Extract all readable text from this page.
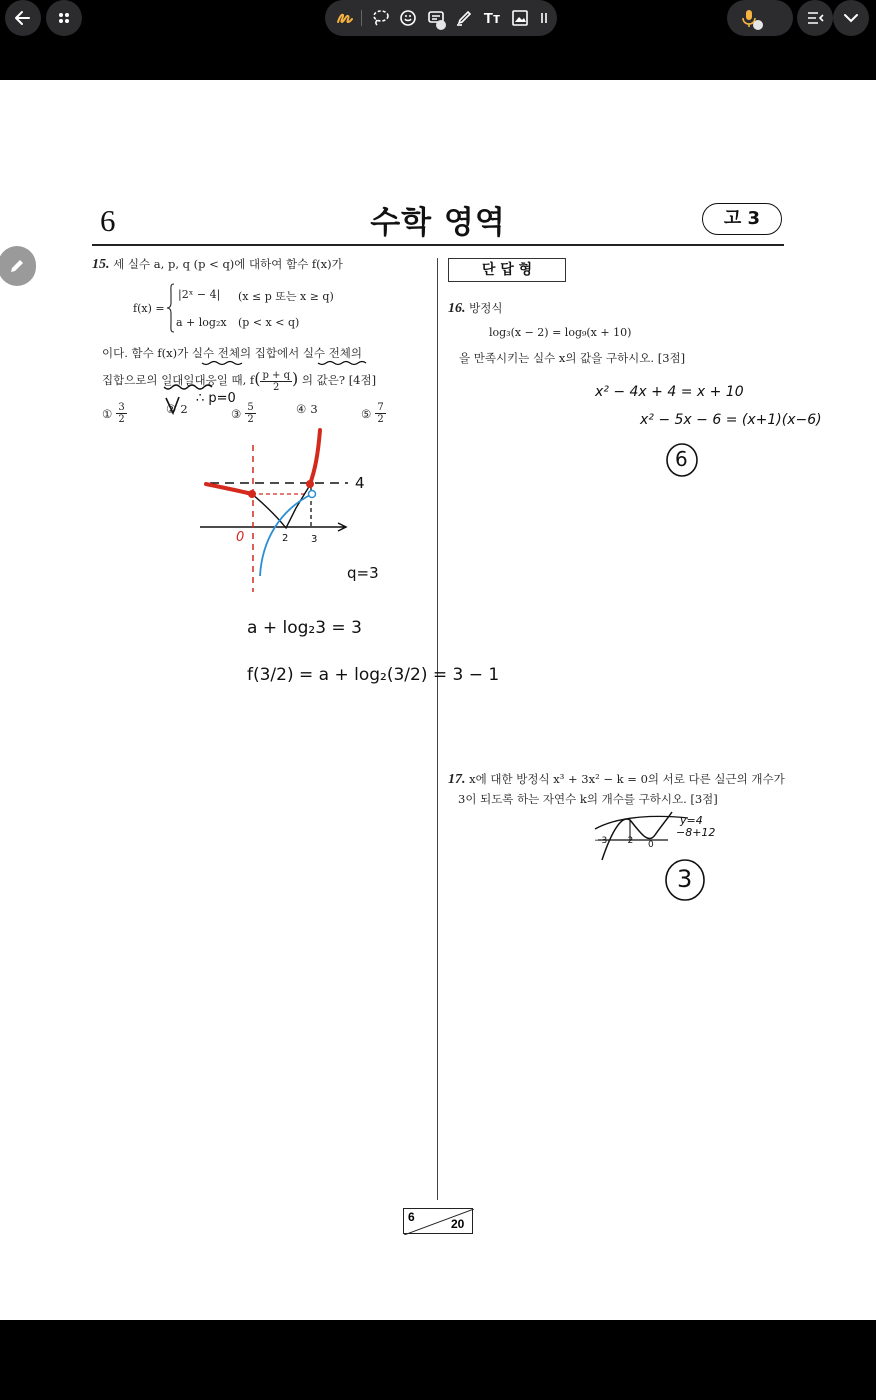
Tт
6	수학 영역	고 3
15. 세 실수 a, p, q (p < q)에 대하여 함수 f(x)가
f(x) =
|2ˣ − 4| (x ≤ p 또는 x ≥ q)
a + log₂x (p < x < q)
이다. 함수 f(x)가 실수 전체의 집합에서 실수 전체의
집합으로의 일대일대응일 때, $f( \frac{p + q}{2}$ ) 의 값은? [4점]
① $\frac{3}{2}$	② 2	③ $\frac{5}{2}$	④ 3	⑤ $\frac{7}{2}$
∴ p=0
4
0	2 3
q=3
a + log₂3 = 3
f(3/2) = a + log₂(3/2) = 3 − 1
단 답 형
16. 방정식
log₃(x − 2) = log₉(x + 10)
을 만족시키는 실수 x의 값을 구하시오. [3점]
x² − 4x + 4 = x + 10
x² − 5x − 6 = (x+1)(x−6)
6
17. x에 대한 방정식 x³ + 3x² − k = 0의 서로 다른 실근의 개수가
3이 되도록 하는 자연수 k의 개수를 구하시오. [3점]
y=4
−8+12
−3 −2 0
3
6	20
